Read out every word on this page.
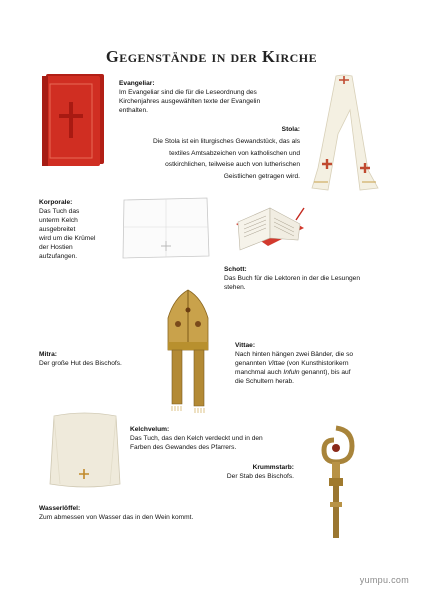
Gegenstände in der Kirche
Evangeliar:
Im Evangeliar sind die für die Leseordnung des
Kirchenjahres ausgewählten texte der Evangelin
enthalten.
Stola:
Die Stola ist ein liturgisches Gewandstück, das als
textiles Amtsabzeichen von katholischen und
ostkirchlichen, teilweise auch von lutherischen
Geistlichen getragen wird.
Korporale:
Das Tuch das
unterm Kelch
ausgebreitet
wird um die Krümel
der Hostien
aufzufangen.
Schott:
Das Buch für die Lektoren in der die Lesungen
stehen.
Mitra:
Der große Hut des Bischofs.
Vittae:
Nach hinten hängen zwei Bänder, die so
genannten Vittae (von Kunsthistorikern
manchmal auch Infuln genannt), bis auf
die Schultern herab.
Kelchvelum:
Das Tuch, das den Kelch verdeckt und in den
Farben des Gewandes des Pfarrers.
Krummstarb:
Der Stab des Bischofs.
Wasserlöffel:
Zum abmessen von Wasser das in den Wein kommt.
yumpu.com
